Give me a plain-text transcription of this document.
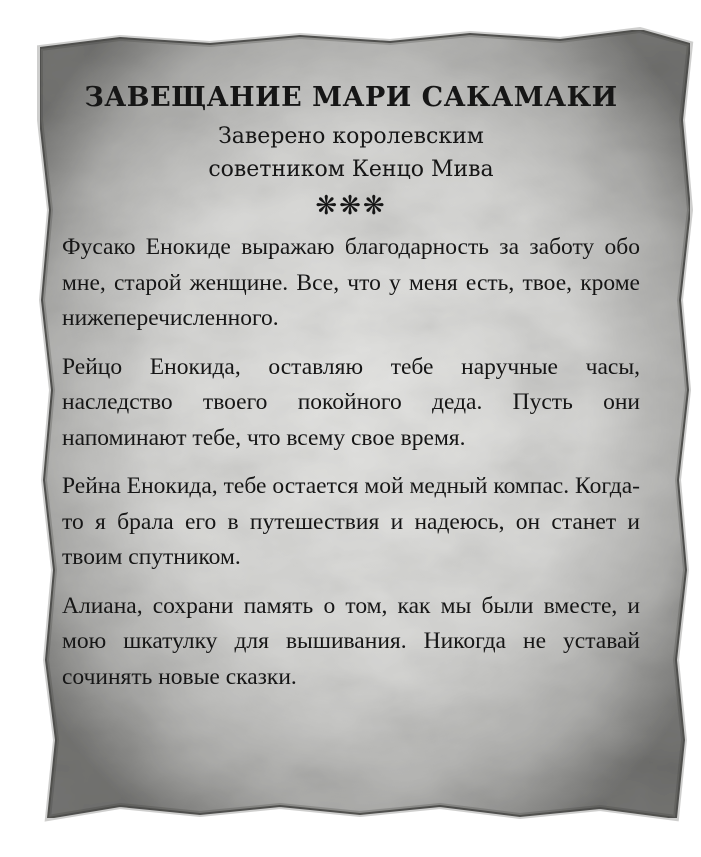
ЗАВЕЩАНИЕ МАРИ САКАМАКИ
Заверено королевским
советником Кенцо Мива
❋❋❋

Фусако Енокиде выражаю благодарность за заботу обо мне, старой женщине. Все, что у меня есть, твое, кроме нижеперечисленного.

Рейцо Енокида, оставляю тебе наручные часы, наследство твоего покойного деда. Пусть они напоминают тебе, что всему свое время.

Рейна Енокида, тебе остается мой медный компас. Когда-то я брала его в путешествия и надеюсь, он станет и твоим спутником.

Алиана, сохрани память о том, как мы были вместе, и мою шкатулку для вышивания. Никогда не уставай сочинять новые сказки.
